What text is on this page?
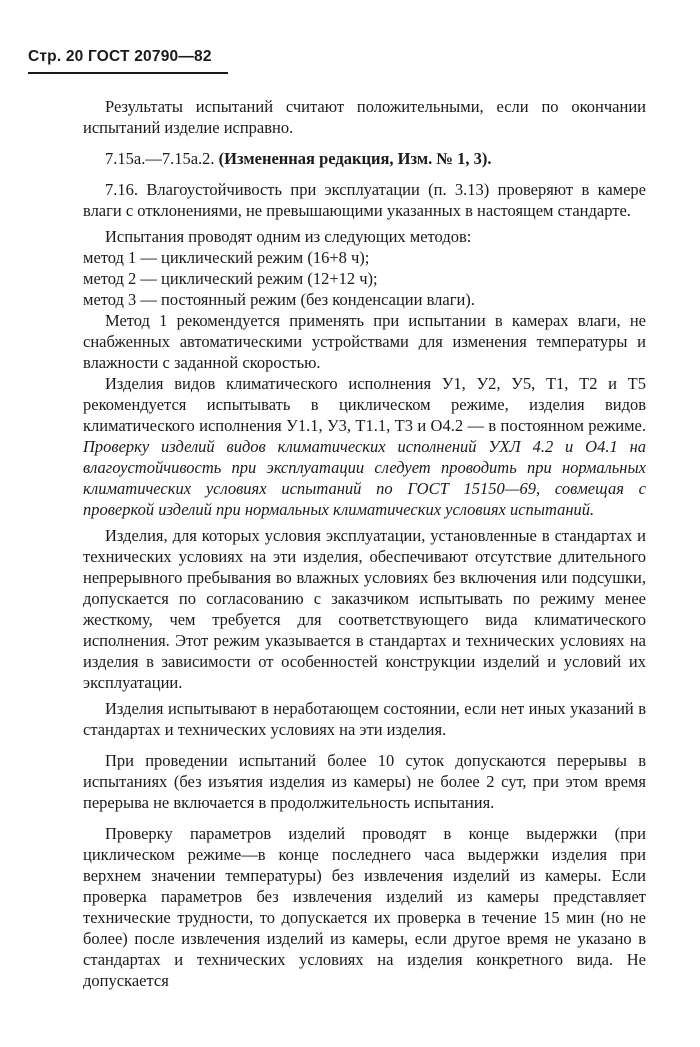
Стр. 20 ГОСТ 20790—82

Результаты испытаний считают положительными, если по окончании испытаний изделие исправно.

7.15а.—7.15а.2. (Измененная редакция, Изм. № 1, 3).

7.16. Влагоустойчивость при эксплуатации (п. 3.13) проверяют в камере влаги с отклонениями, не превышающими указанных в настоящем стандарте.

Испытания проводят одним из следующих методов:

метод 1 — циклический режим (16+8 ч);

метод 2 — циклический режим (12+12 ч);

метод 3 — постоянный режим (без конденсации влаги).

Метод 1 рекомендуется применять при испытании в камерах влаги, не снабженных автоматическими устройствами для изменения температуры и влажности с заданной скоростью.

Изделия видов климатического исполнения У1, У2, У5, Т1, Т2 и Т5 рекомендуется испытывать в циклическом режиме, изделия видов климатического исполнения У1.1, У3, Т1.1, Т3 и О4.2 — в постоянном режиме. Проверку изделий видов климатических исполнений УХЛ 4.2 и О4.1 на влагоустойчивость при эксплуатации следует проводить при нормальных климатических условиях испытаний по ГОСТ 15150—69, совмещая с проверкой изделий при нормальных климатических условиях испытаний.

Изделия, для которых условия эксплуатации, установленные в стандартах и технических условиях на эти изделия, обеспечивают отсутствие длительного непрерывного пребывания во влажных условиях без включения или подсушки, допускается по согласованию с заказчиком испытывать по режиму менее жесткому, чем требуется для соответствующего вида климатического исполнения. Этот режим указывается в стандартах и технических условиях на изделия в зависимости от особенностей конструкции изделий и условий их эксплуатации.

Изделия испытывают в неработающем состоянии, если нет иных указаний в стандартах и технических условиях на эти изделия.

При проведении испытаний более 10 суток допускаются перерывы в испытаниях (без изъятия изделия из камеры) не более 2 сут, при этом время перерыва не включается в продолжительность испытания.

Проверку параметров изделий проводят в конце выдержки (при циклическом режиме—в конце последнего часа выдержки изделия при верхнем значении температуры) без извлечения изделий из камеры. Если проверка параметров без извлечения изделий из камеры представляет технические трудности, то допускается их проверка в течение 15 мин (но не более) после извлечения изделий из камеры, если другое время не указано в стандартах и технических условиях на изделия конкретного вида. Не допускается
